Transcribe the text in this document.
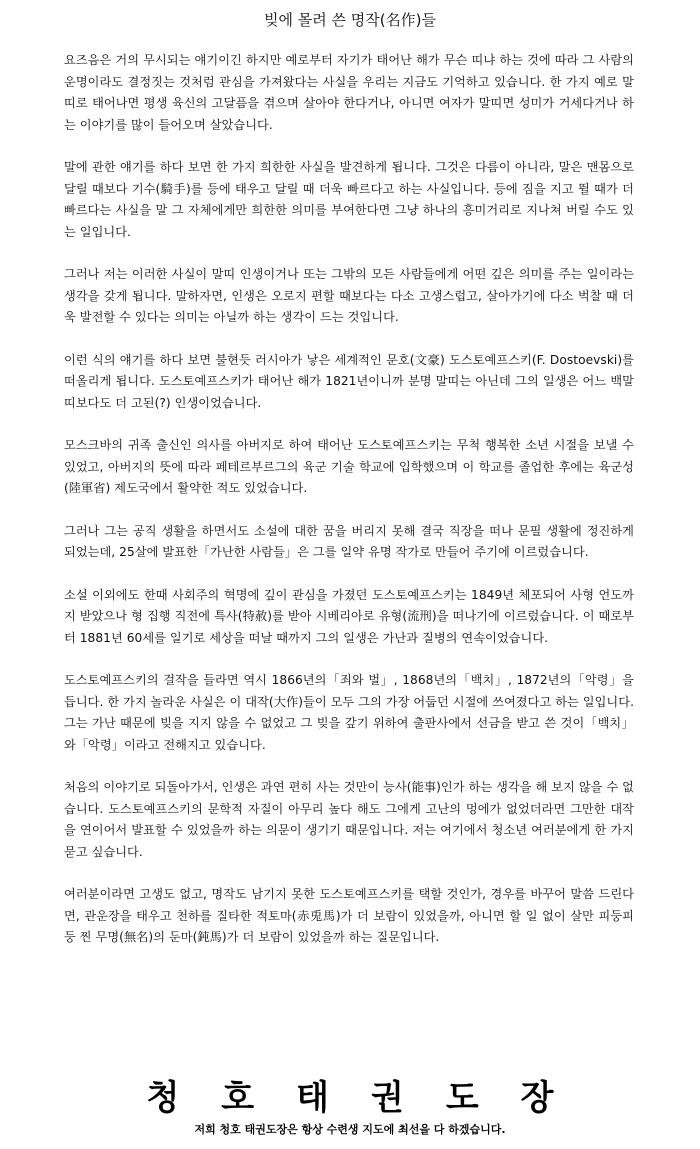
빚에 몰려 쓴 명작(名作)들

요즈음은 거의 무시되는 얘기이긴 하지만 예로부터 자기가 태어난 해가 무슨 띠냐 하는 것에 따라 그 사람의 운명이라도 결정짓는 것처럼 관심을 가져왔다는 사실을 우리는 지금도 기억하고 있습니다. 한 가지 예로 말띠로 태어나면 평생 육신의 고달픔을 겪으며 살아야 한다거나, 아니면 여자가 말띠면 성미가 거세다거나 하는 이야기를 많이 들어오며 살았습니다.

말에 관한 얘기를 하다 보면 한 가지 희한한 사실을 발견하게 됩니다. 그것은 다름이 아니라, 말은 맨몸으로 달릴 때보다 기수(騎手)를 등에 태우고 달릴 때 더욱 빠르다고 하는 사실입니다. 등에 짐을 지고 뛸 때가 더 빠르다는 사실을 말 그 자체에게만 희한한 의미를 부여한다면 그냥 하나의 흥미거리로 지나쳐 버릴 수도 있는 일입니다.

그러나 저는 이러한 사실이 말띠 인생이거나 또는 그밖의 모든 사람들에게 어떤 깊은 의미를 주는 일이라는 생각을 갖게 됩니다. 말하자면, 인생은 오로지 편할 때보다는 다소 고생스럽고, 살아가기에 다소 벅찰 때 더욱 발전할 수 있다는 의미는 아닐까 하는 생각이 드는 것입니다.

이런 식의 얘기를 하다 보면 불현듯 러시아가 낳은 세계적인 문호(文豪) 도스토예프스키(F. Dostoevski)를 떠올리게 됩니다. 도스토예프스키가 태어난 해가 1821년이니까 분명 말띠는 아닌데 그의 일생은 어느 백말띠보다도 더 고된(?) 인생이었습니다.

모스크바의 귀족 출신인 의사를 아버지로 하여 태어난 도스토예프스키는 무척 행복한 소년 시절을 보낼 수 있었고, 아버지의 뜻에 따라 페테르부르그의 육군 기술 학교에 입학했으며 이 학교를 졸업한 후에는 육군성(陸軍省) 제도국에서 활약한 적도 있었습니다.

그러나 그는 공직 생활을 하면서도 소설에 대한 꿈을 버리지 못해 결국 직장을 떠나 문필 생활에 정진하게 되었는데, 25살에 발표한「가난한 사람들」은 그를 일약 유명 작가로 만들어 주기에 이르렀습니다.

소설 이외에도 한때 사회주의 혁명에 깊이 관심을 가졌던 도스토예프스키는 1849년 체포되어 사형 언도까지 받았으나 형 집행 직전에 특사(特赦)를 받아 시베리아로 유형(流刑)을 떠나기에 이르렀습니다. 이 때로부터 1881년 60세를 일기로 세상을 떠날 때까지 그의 일생은 가난과 질병의 연속이었습니다.

도스토예프스키의 걸작을 들라면 역시 1866년의「죄와 벌」, 1868년의「백치」, 1872년의「악령」을 듭니다. 한 가지 놀라운 사실은 이 대작(大作)들이 모두 그의 가장 어둡던 시절에 쓰여졌다고 하는 일입니다. 그는 가난 때문에 빚을 지지 않을 수 없었고 그 빚을 갚기 위하여 출판사에서 선금을 받고 쓴 것이「백치」와「악령」이라고 전해지고 있습니다.

처음의 이야기로 되돌아가서, 인생은 과연 편히 사는 것만이 능사(能事)인가 하는 생각을 해 보지 않을 수 없습니다. 도스토예프스키의 문학적 자질이 아무리 높다 해도 그에게 고난의 멍에가 없었더라면 그만한 대작을 연이어서 발표할 수 있었을까 하는 의문이 생기기 때문입니다. 저는 여기에서 청소년 여러분에게 한 가지 묻고 싶습니다.

여러분이라면 고생도 없고, 명작도 남기지 못한 도스토예프스키를 택할 것인가, 경우를 바꾸어 말씀 드린다면, 관운장을 태우고 천하를 질타한 적토마(赤兎馬)가 더 보람이 있었을까, 아니면 할 일 없이 살만 피둥피둥 찐 무명(無名)의 둔마(鈍馬)가 더 보람이 있었을까 하는 질문입니다.

청호태권도장
저희 청호 태권도장은 항상 수련생 지도에 최선을 다 하겠습니다.
